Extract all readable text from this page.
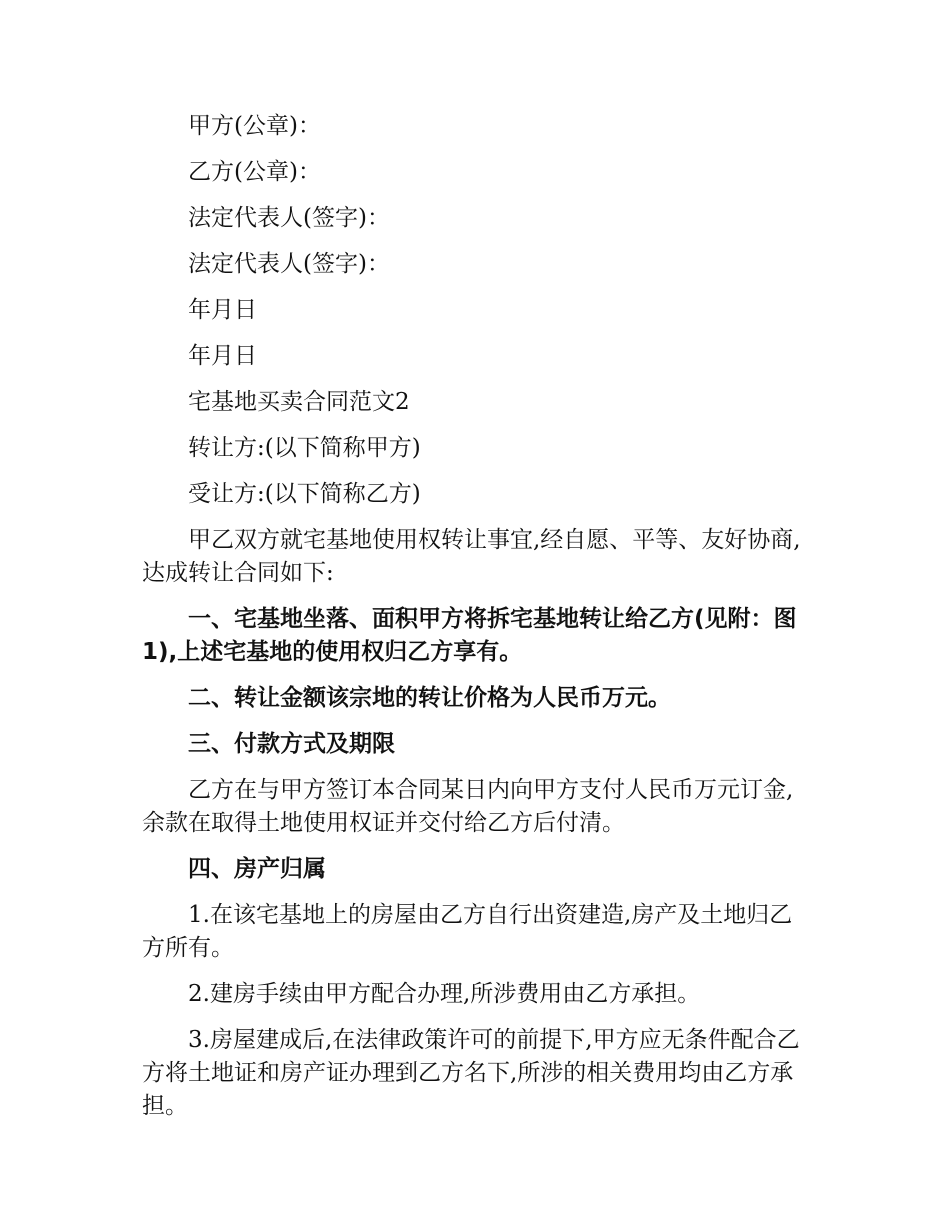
甲方(公章)：

乙方(公章)：

法定代表人(签字)：

法定代表人(签字)：

年月日

年月日

宅基地买卖合同范文2

转让方:(以下简称甲方)

受让方:(以下简称乙方)

甲乙双方就宅基地使用权转让事宜,经自愿、平等、友好协商,达成转让合同如下:

一、宅基地坐落、面积甲方将拆宅基地转让给乙方(见附：图1),上述宅基地的使用权归乙方享有。

二、转让金额该宗地的转让价格为人民币万元。

三、付款方式及期限

乙方在与甲方签订本合同某日内向甲方支付人民币万元订金,余款在取得土地使用权证并交付给乙方后付清。

四、房产归属

1.在该宅基地上的房屋由乙方自行出资建造,房产及土地归乙方所有。

2.建房手续由甲方配合办理,所涉费用由乙方承担。

3.房屋建成后,在法律政策许可的前提下,甲方应无条件配合乙方将土地证和房产证办理到乙方名下,所涉的相关费用均由乙方承担。
